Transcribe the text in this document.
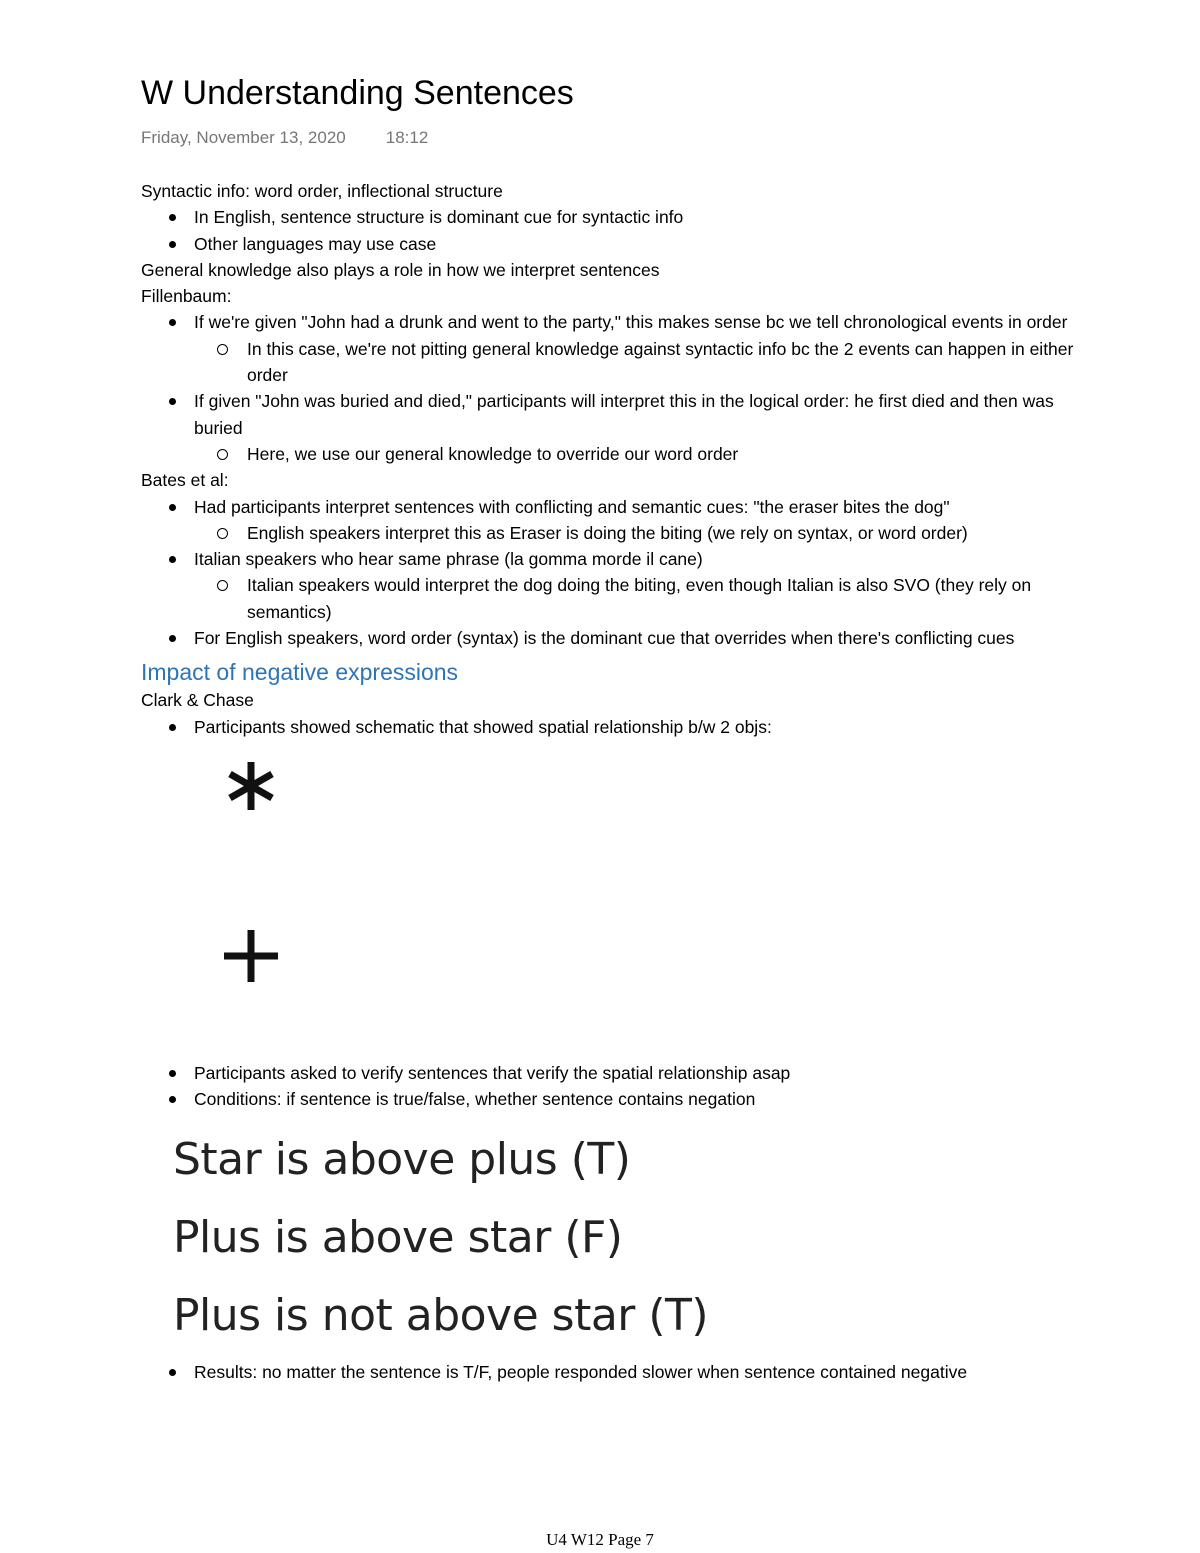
W Understanding Sentences
Friday, November 13, 2020 18:12

Syntactic info: word order, inflectional structure

In English, sentence structure is dominant cue for syntactic info
Other languages may use case

General knowledge also plays a role in how we interpret sentences

Fillenbaum:

If we're given "John had a drunk and went to the party," this makes sense bc we tell chronological events in order
In this case, we're not pitting general knowledge against syntactic info bc the 2 events can happen in either order
If given "John was buried and died," participants will interpret this in the logical order: he first died and then was buried
Here, we use our general knowledge to override our word order

Bates et al:

Had participants interpret sentences with conflicting and semantic cues: "the eraser bites the dog"
English speakers interpret this as Eraser is doing the biting (we rely on syntax, or word order)
Italian speakers who hear same phrase (la gomma morde il cane)
Italian speakers would interpret the dog doing the biting, even though Italian is also SVO (they rely on semantics)
For English speakers, word order (syntax) is the dominant cue that overrides when there's conflicting cues
Impact of negative expressions

Clark & Chase

Participants showed schematic that showed spatial relationship b/w 2 objs:
Participants asked to verify sentences that verify the spatial relationship asap
Conditions: if sentence is true/false, whether sentence contains negation
Star is above plus (T)
Plus is above star (F)
Plus is not above star (T)
Results: no matter the sentence is T/F, people responded slower when sentence contained negative
U4 W12 Page 7
